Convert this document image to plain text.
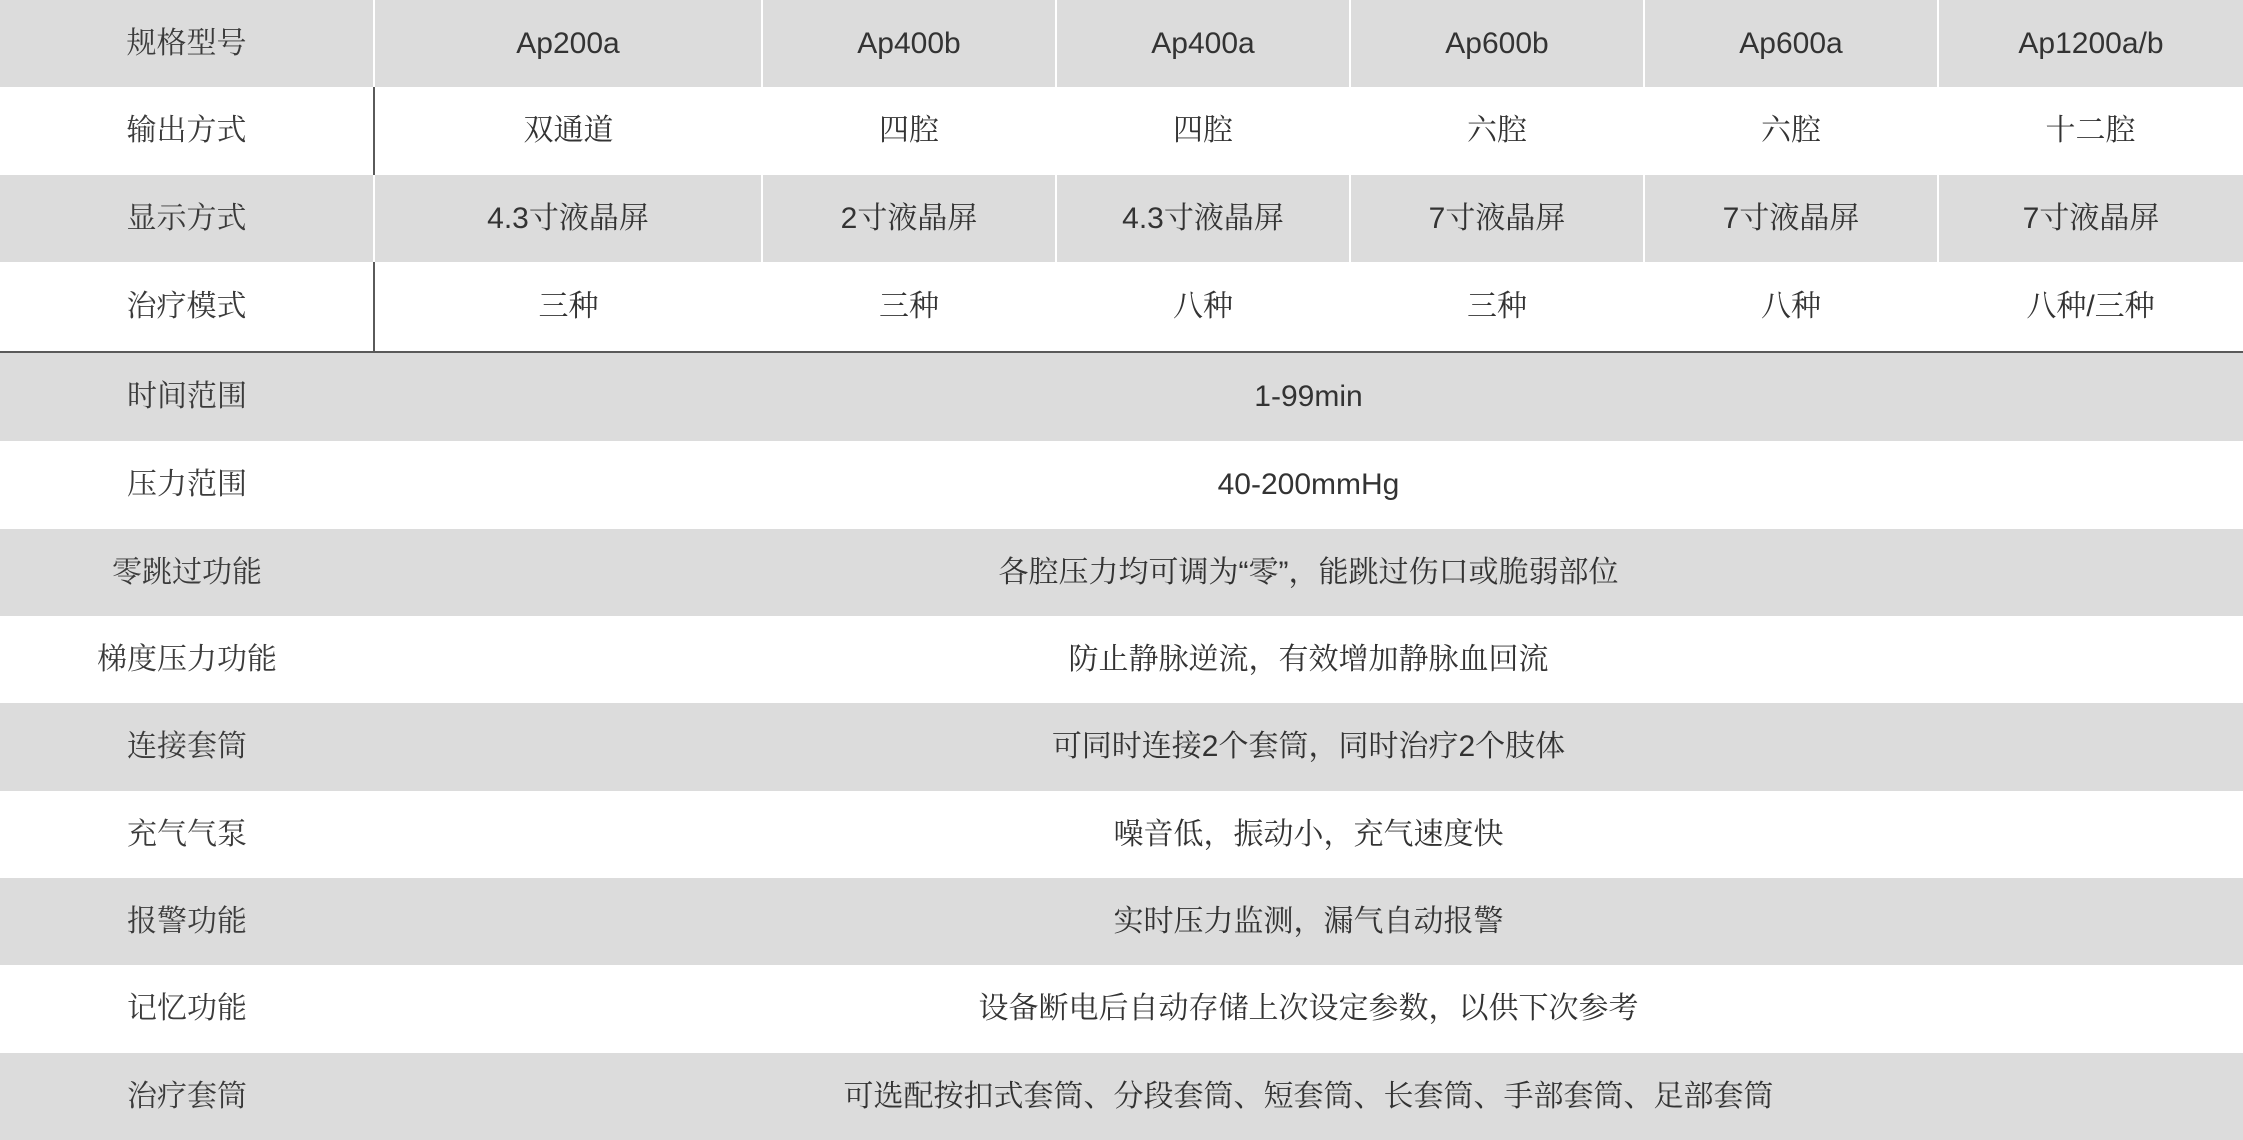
规格型号	Ap200a	Ap400b	Ap400a	Ap600b	Ap600a	Ap1200a/b
输出方式	双通道	四腔	四腔	六腔	六腔	十二腔
显示方式	4.3寸液晶屏	2寸液晶屏	4.3寸液晶屏	7寸液晶屏	7寸液晶屏	7寸液晶屏
治疗模式	三种	三种	八种	三种	八种	八种/三种
时间范围	1-99min					
压力范围	40-200mmHg					
零跳过功能	各腔压力均可调为“零”，能跳过伤口或脆弱部位					
梯度压力功能	防止静脉逆流，有效增加静脉血回流					
连接套筒	可同时连接2个套筒，同时治疗2个肢体					
充气气泵	噪音低，振动小，充气速度快					
报警功能	实时压力监测，漏气自动报警					
记忆功能	设备断电后自动存储上次设定参数，以供下次参考					
治疗套筒	可选配按扣式套筒、分段套筒、短套筒、长套筒、手部套筒、足部套筒					
